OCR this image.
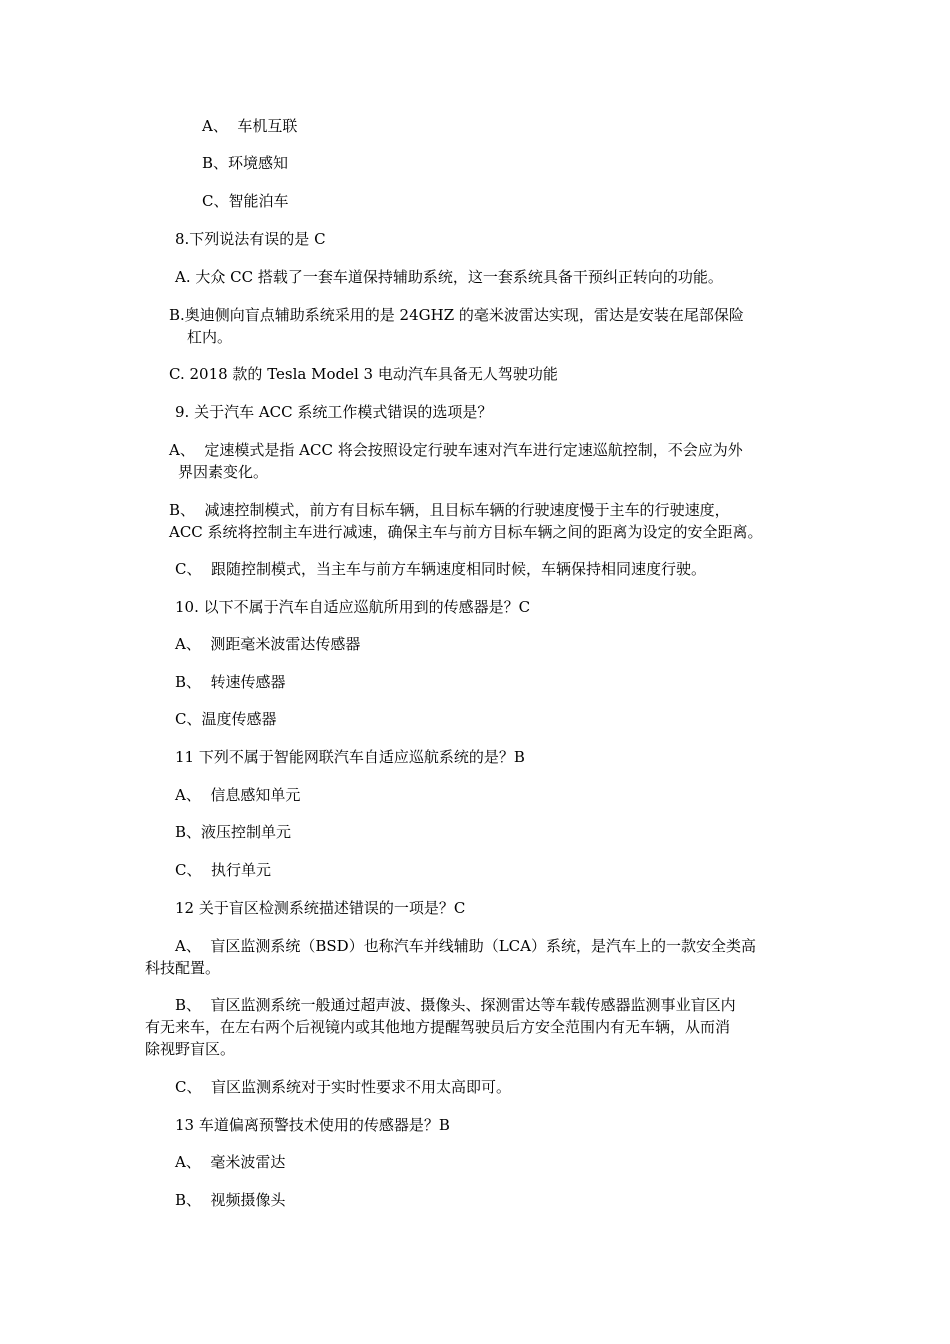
A、  车机互联
B、环境感知
C、智能泊车
8.下列说法有误的是 C
A. 大众 CC 搭载了一套车道保持辅助系统，这一套系统具备干预纠正转向的功能。
B.奥迪侧向盲点辅助系统采用的是 24GHZ 的毫米波雷达实现，雷达是安装在尾部保险
杠内。
C. 2018 款的 Tesla Model 3 电动汽车具备无人驾驶功能
9. 关于汽车 ACC 系统工作模式错误的选项是？
A、  定速模式是指 ACC 将会按照设定行驶车速对汽车进行定速巡航控制，不会应为外
界因素变化。
B、  减速控制模式，前方有目标车辆，且目标车辆的行驶速度慢于主车的行驶速度，
ACC 系统将控制主车进行减速，确保主车与前方目标车辆之间的距离为设定的安全距离。
C、  跟随控制模式，当主车与前方车辆速度相同时候，车辆保持相同速度行驶。
10. 以下不属于汽车自适应巡航所用到的传感器是？C
A、  测距毫米波雷达传感器
B、  转速传感器
C、温度传感器
11 下列不属于智能网联汽车自适应巡航系统的是？B
A、  信息感知单元
B、液压控制单元
C、  执行单元
12 关于盲区检测系统描述错误的一项是？C
A、  盲区监测系统（BSD）也称汽车并线辅助（LCA）系统，是汽车上的一款安全类高
科技配置。
B、  盲区监测系统一般通过超声波、摄像头、探测雷达等车载传感器监测事业盲区内
有无来车，在左右两个后视镜内或其他地方提醒驾驶员后方安全范围内有无车辆，从而消
除视野盲区。
C、  盲区监测系统对于实时性要求不用太高即可。
13 车道偏离预警技术使用的传感器是？B
A、  毫米波雷达
B、  视频摄像头
